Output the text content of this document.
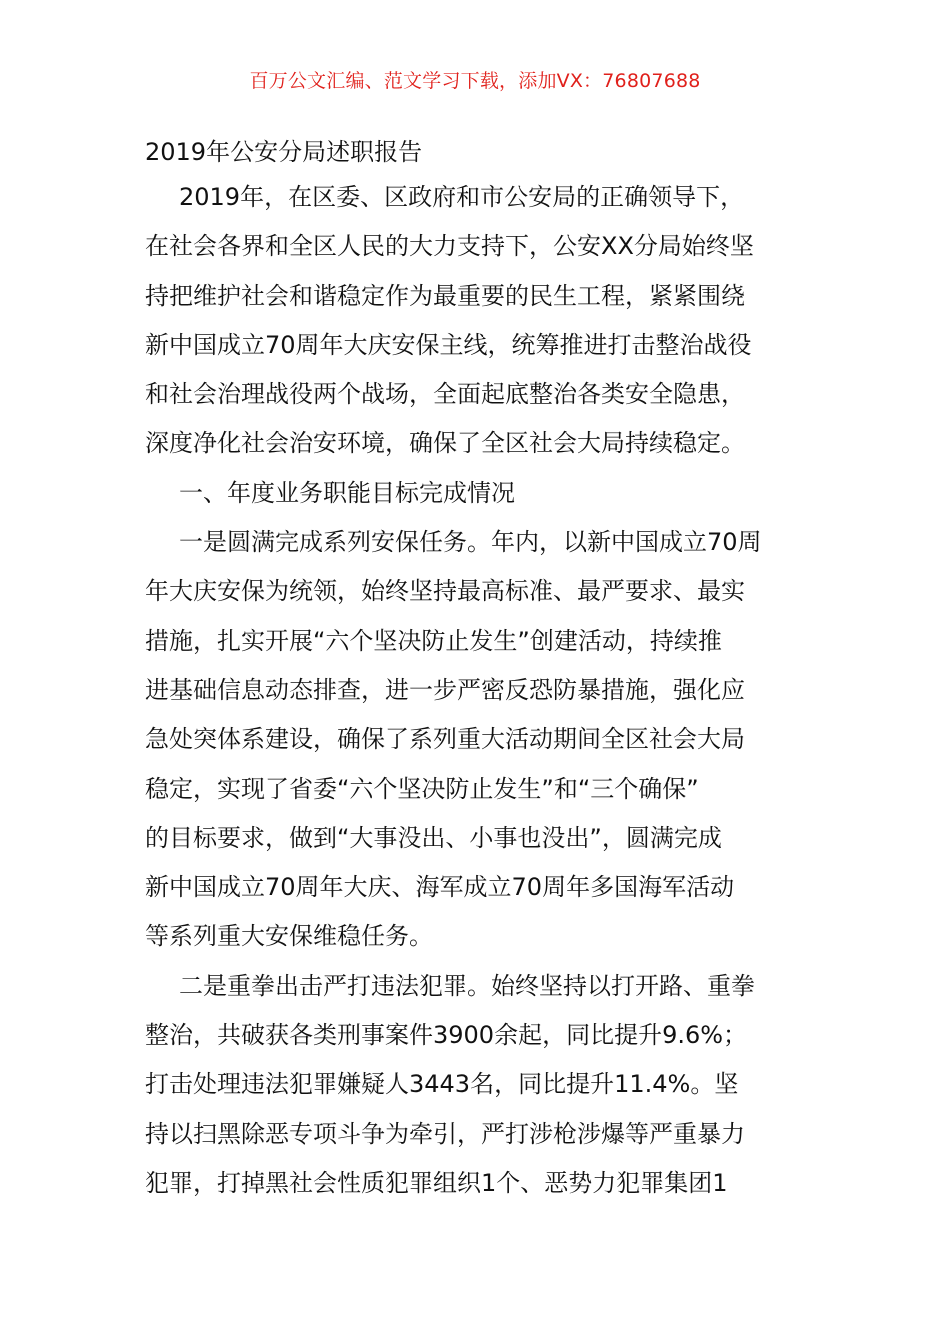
百万公文汇编、范文学习下载，添加VX：76807688
2019年公安分局述职报告
2019年，在区委、区政府和市公安局的正确领导下，
在社会各界和全区人民的大力支持下，公安XX分局始终坚
持把维护社会和谐稳定作为最重要的民生工程，紧紧围绕
新中国成立70周年大庆安保主线，统筹推进打击整治战役
和社会治理战役两个战场，全面起底整治各类安全隐患，
深度净化社会治安环境，确保了全区社会大局持续稳定。
一、年度业务职能目标完成情况
一是圆满完成系列安保任务。年内，以新中国成立70周
年大庆安保为统领，始终坚持最高标准、最严要求、最实
措施，扎实开展“六个坚决防止发生”创建活动，持续推
进基础信息动态排查，进一步严密反恐防暴措施，强化应
急处突体系建设，确保了系列重大活动期间全区社会大局
稳定，实现了省委“六个坚决防止发生”和“三个确保”
的目标要求，做到“大事没出、小事也没出”，圆满完成
新中国成立70周年大庆、海军成立70周年多国海军活动
等系列重大安保维稳任务。
二是重拳出击严打违法犯罪。始终坚持以打开路、重拳
整治，共破获各类刑事案件3900余起，同比提升9.6%；
打击处理违法犯罪嫌疑人3443名，同比提升11.4%。坚
持以扫黑除恶专项斗争为牵引，严打涉枪涉爆等严重暴力
犯罪，打掉黑社会性质犯罪组织1个、恶势力犯罪集团1
